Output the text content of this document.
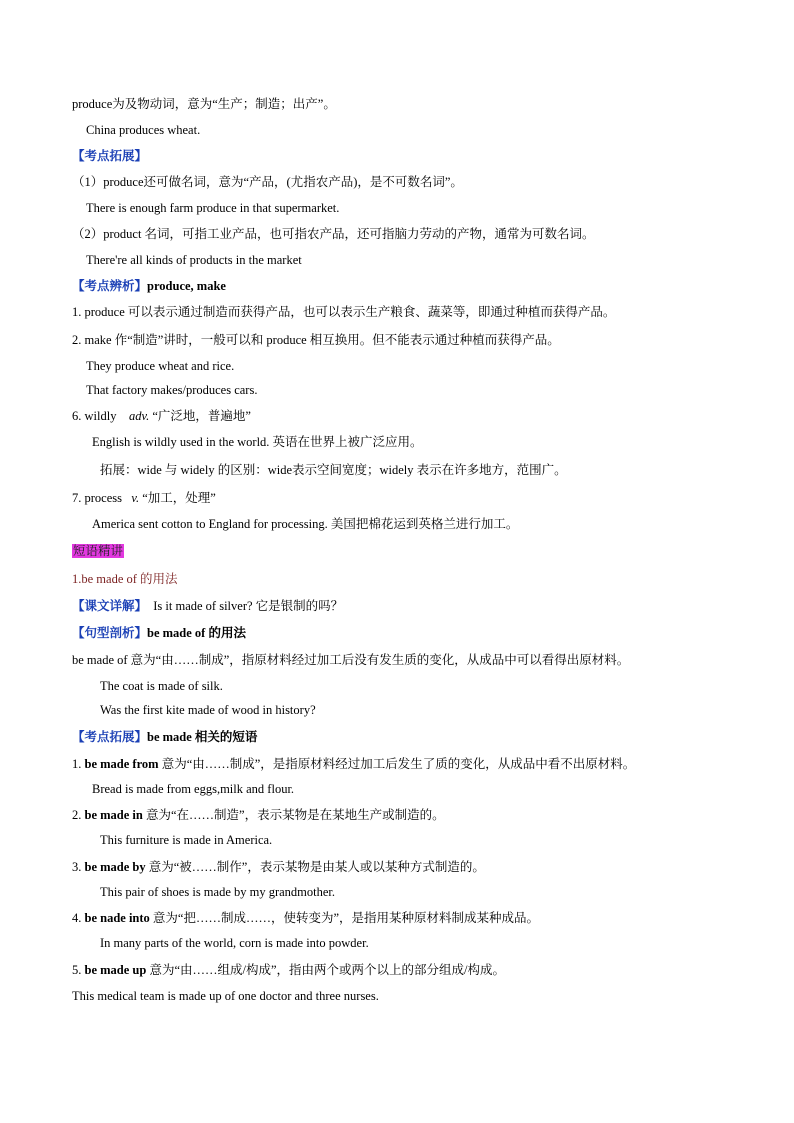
produce为及物动词，意为“生产；制造；出产”。
China produces wheat.
【考点拓展】
（1）produce还可做名词，意为“产品，(尤指农产品)，是不可数名词”。
There is enough farm produce in that supermarket.
（2）product 名词，可指工业产品，也可指农产品，还可指脑力劳动的产物，通常为可数名词。
There're all kinds of products in the market
【考点辨析】produce, make
1. produce 可以表示通过制造而获得产品，也可以表示生产粮食、蔬菜等，即通过种植而获得产品。
2. make 作“制造”讲时，一般可以和 produce 相互换用。但不能表示通过种植而获得产品。
They produce wheat and rice.
That factory makes/produces cars.
6. wildly adv. “广泛地，普遍地”
English is wildly used in the world. 英语在世界上被广泛应用。
拓展：wide 与 widely 的区别：wide表示空间宽度；widely 表示在许多地方，范围广。
7. process v. “加工，处理”
America sent cotton to England for processing. 美国把棉花运到英格兰进行加工。
短语精讲
1.be made of 的用法
【课文详解】 Is it made of silver? 它是银制的吗？
【句型剖析】be made of 的用法
be made of 意为“由……制成”，指原材料经过加工后没有发生质的变化，从成品中可以看得出原材料。
The coat is made of silk.
Was the first kite made of wood in history?
【考点拓展】be made 相关的短语
1. be made from 意为“由……制成”，是指原材料经过加工后发生了质的变化，从成品中看不出原材料。
Bread is made from eggs,milk and flour.
2. be made in 意为“在……制造”，表示某物是在某地生产或制造的。
This furniture is made in America.
3. be made by 意为“被……制作”，表示某物是由某人或以某种方式制造的。
This pair of shoes is made by my grandmother.
4. be nade into 意为“把……制成……，使转变为”，是指用某种原材料制成某种成品。
In many parts of the world, corn is made into powder.
5. be made up 意为“由……组成/构成”，指由两个或两个以上的部分组成/构成。
This medical team is made up of one doctor and three nurses.
